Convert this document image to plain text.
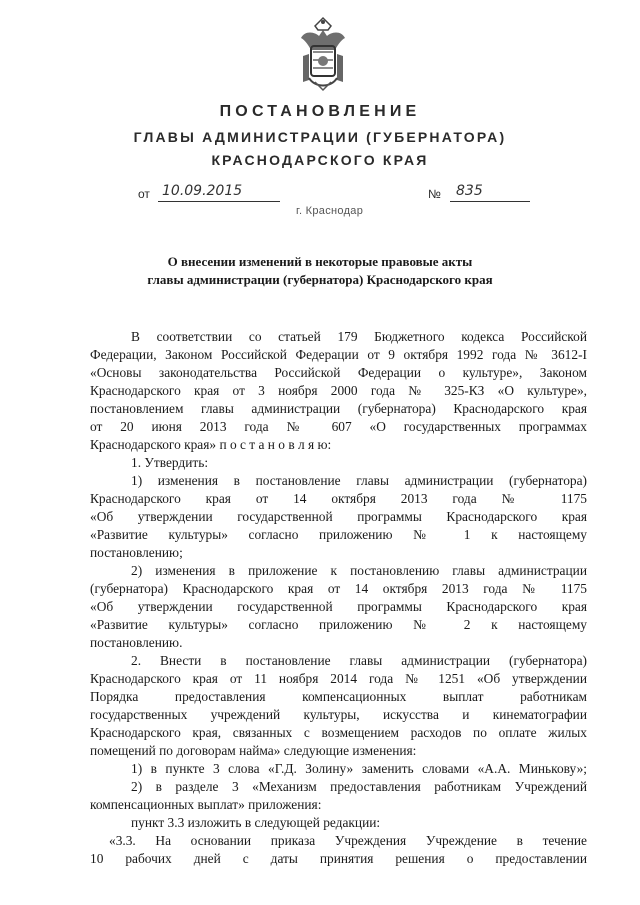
ПОСТАНОВЛЕНИЕ
ГЛАВЫ АДМИНИСТРАЦИИ (ГУБЕРНАТОРА)
КРАСНОДАРСКОГО КРАЯ
от 10.09.2015	№ 835
г. Краснодар
О внесении изменений в некоторые правовые акты
главы администрации (губернатора) Краснодарского края
В соответствии со статьей 179 Бюджетного кодекса Российской
Федерации, Законом Российской Федерации от 9 октября 1992 года № 3612-I
«Основы законодательства Российской Федерации о культуре», Законом
Краснодарского края от 3 ноября 2000 года № 325-КЗ «О культуре»,
постановлением главы администрации (губернатора) Краснодарского края
от 20 июня 2013 года № 607 «О государственных программах
Краснодарского края» п о с т а н о в л я ю:
1. Утвердить:
1) изменения в постановление главы администрации (губернатора)
Краснодарского края от 14 октября 2013 года № 1175
«Об утверждении государственной программы Краснодарского края
«Развитие культуры» согласно приложению № 1 к настоящему
постановлению;
2) изменения в приложение к постановлению главы администрации
(губернатора) Краснодарского края от 14 октября 2013 года № 1175
«Об утверждении государственной программы Краснодарского края
«Развитие культуры» согласно приложению № 2 к настоящему
постановлению.
2. Внести в постановление главы администрации (губернатора)
Краснодарского края от 11 ноября 2014 года № 1251 «Об утверждении
Порядка предоставления компенсационных выплат работникам
государственных учреждений культуры, искусства и кинематографии
Краснодарского края, связанных с возмещением расходов по оплате жилых
помещений по договорам найма» следующие изменения:
1) в пункте 3 слова «Г.Д. Золину» заменить словами «А.А. Минькову»;
2) в разделе 3 «Механизм предоставления работникам Учреждений
компенсационных выплат» приложения:
пункт 3.3 изложить в следующей редакции:
«3.3. На основании приказа Учреждения Учреждение в течение
10 рабочих дней с даты принятия решения о предоставлении
